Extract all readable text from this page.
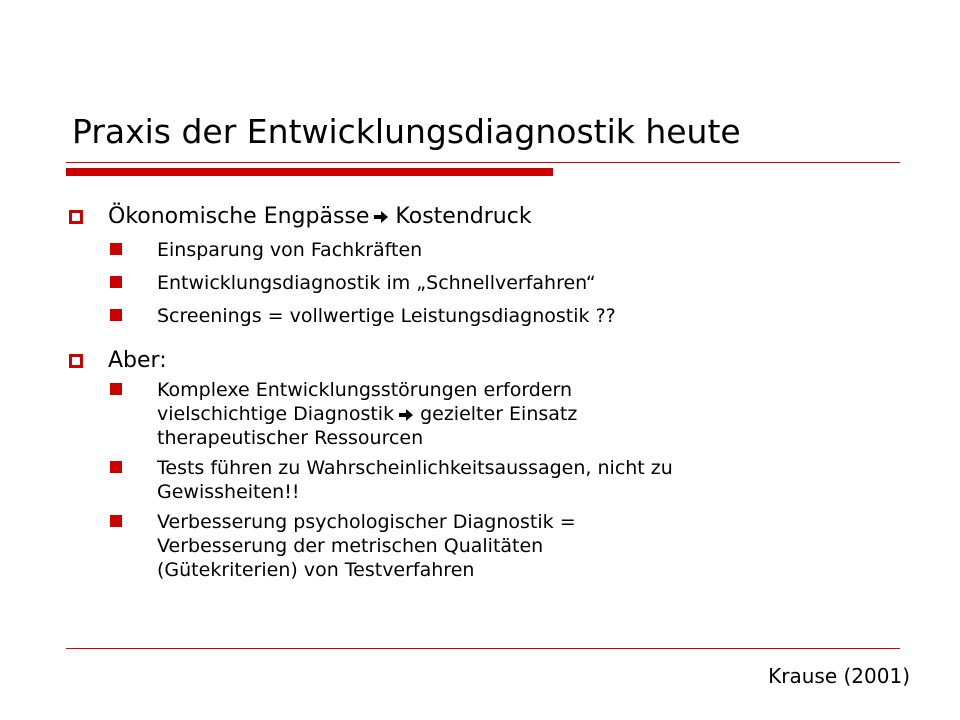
Praxis der Entwicklungsdiagnostik heute
Ökonomische Engpässe Kostendruck
Einsparung von Fachkräften
Entwicklungsdiagnostik im „Schnellverfahren“
Screenings = vollwertige Leistungsdiagnostik ??
Aber:
Komplexe Entwicklungsstörungen erfordern
vielschichtige Diagnostik gezielter Einsatz
therapeutischer Ressourcen
Tests führen zu Wahrscheinlichkeitsaussagen, nicht zu
Gewissheiten!!
Verbesserung psychologischer Diagnostik =
Verbesserung der metrischen Qualitäten
(Gütekriterien) von Testverfahren
Krause (2001)
